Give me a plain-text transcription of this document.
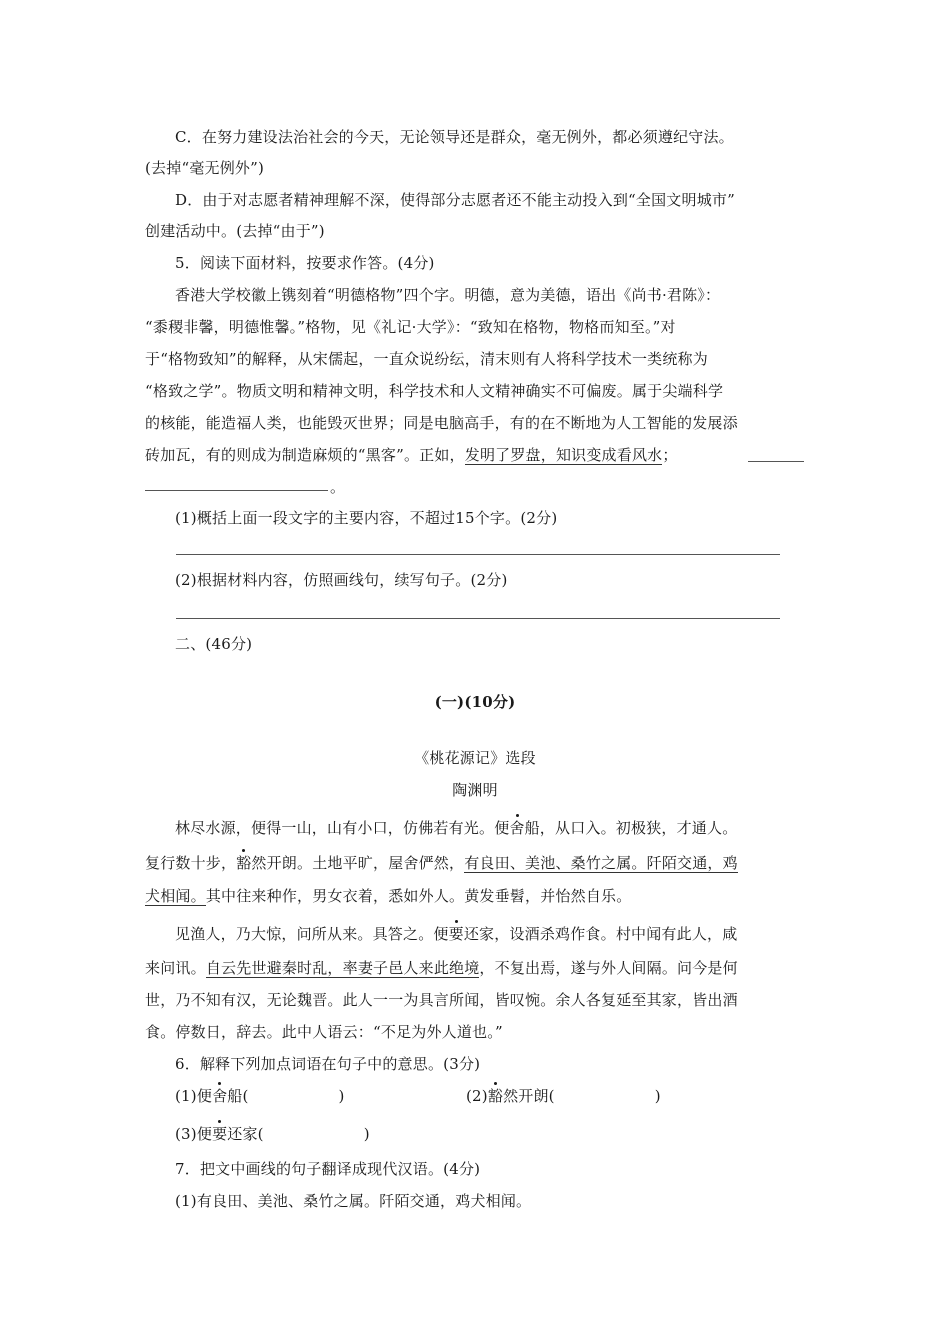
C．在努力建设法治社会的今天，无论领导还是群众，毫无例外，都必须遵纪守法。
(去掉“毫无例外”)
D．由于对志愿者精神理解不深，使得部分志愿者还不能主动投入到“全国文明城市”
创建活动中。(去掉“由于”)
5．阅读下面材料，按要求作答。(4分)
香港大学校徽上镌刻着“明德格物”四个字。明德，意为美德，语出《尚书·君陈》：
“黍稷非馨，明德惟馨。”格物，见《礼记·大学》：“致知在格物，物格而知至。”对
于“格物致知”的解释，从宋儒起，一直众说纷纭，清末则有人将科学技术一类统称为
“格致之学”。物质文明和精神文明，科学技术和人文精神确实不可偏废。属于尖端科学
的核能，能造福人类，也能毁灭世界；同是电脑高手，有的在不断地为人工智能的发展添
砖加瓦，有的则成为制造麻烦的“黑客”。正如，发明了罗盘，知识变成看风水；
。
(1)概括上面一段文字的主要内容，不超过15个字。(2分)
(2)根据材料内容，仿照画线句，续写句子。(2分)
二、(46分)
(一)(10分)
《桃花源记》选段
陶渊明
林尽水源，便得一山，山有小口，仿佛若有光。便舍船，从口入。初极狭，才通人。
复行数十步，豁然开朗。土地平旷，屋舍俨然，有良田、美池、桑竹之属。阡陌交通，鸡
犬相闻。其中往来种作，男女衣着，悉如外人。黄发垂髫，并怡然自乐。
见渔人，乃大惊，问所从来。具答之。便要还家，设酒杀鸡作食。村中闻有此人，咸
来问讯。自云先世避秦时乱，率妻子邑人来此绝境，不复出焉，遂与外人间隔。问今是何
世，乃不知有汉，无论魏晋。此人一一为具言所闻，皆叹惋。余人各复延至其家，皆出酒
食。停数日，辞去。此中人语云：“不足为外人道也。”
6．解释下列加点词语在句子中的意思。(3分)
(1)便舍船(	)	(2)豁然开朗(	)
(3)便要还家(	)
7．把文中画线的句子翻译成现代汉语。(4分)
(1)有良田、美池、桑竹之属。阡陌交通，鸡犬相闻。
